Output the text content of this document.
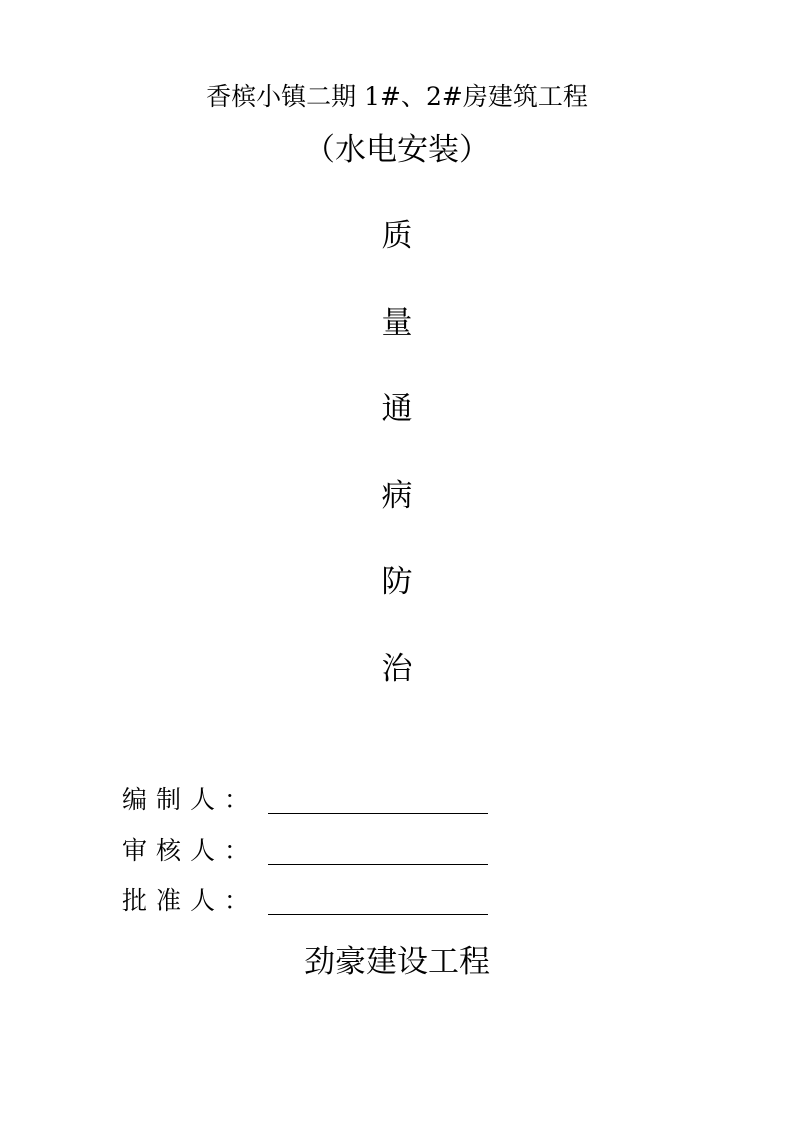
香槟小镇二期 1#、2#房建筑工程
（水电安装）
质
量
通
病
防
治
编制人：
审核人：
批准人：
劲豪建设工程
